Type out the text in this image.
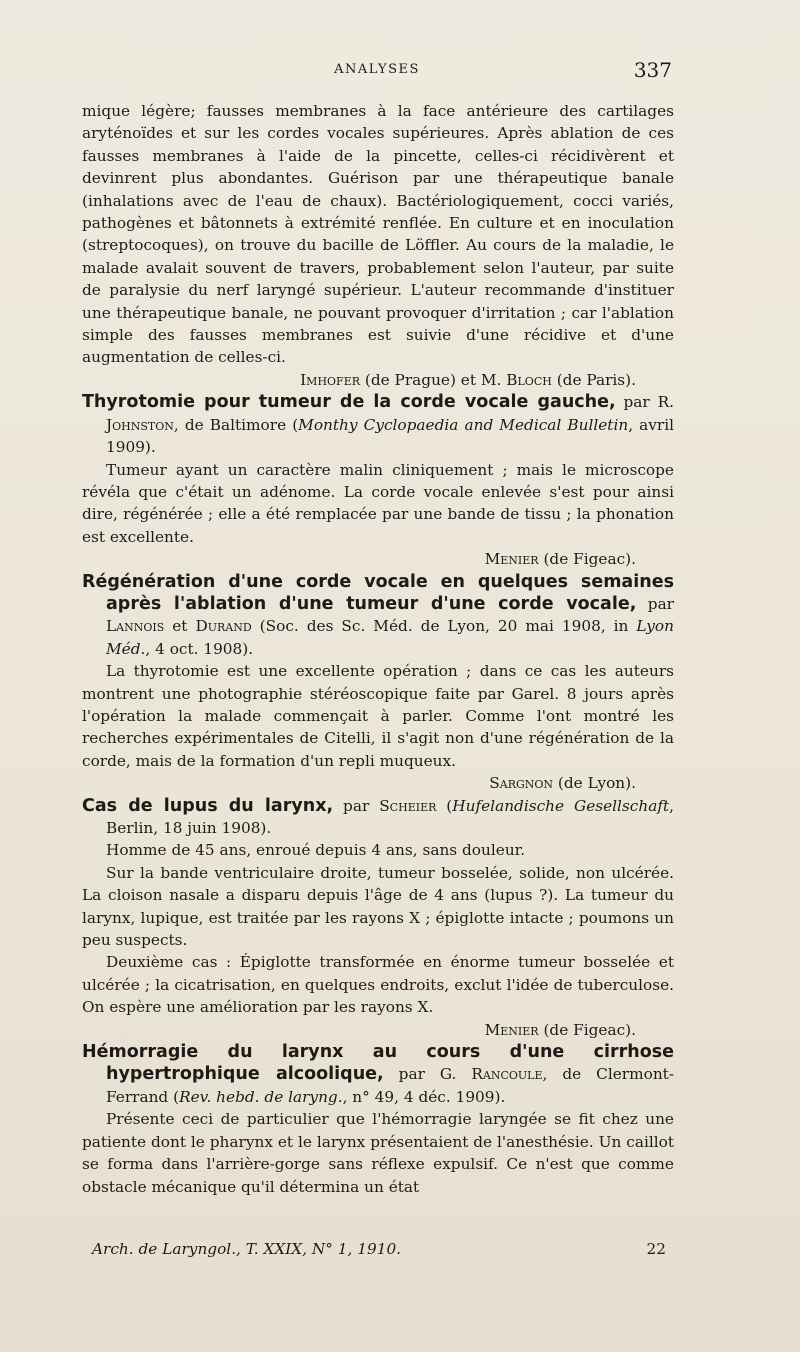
ANALYSES	337

mique légère; fausses membranes à la face antérieure des cartilages aryténoïdes et sur les cordes vocales supérieures. Après ablation de ces fausses membranes à l'aide de la pincette, celles-ci récidivèrent et devinrent plus abondantes. Guérison par une thérapeutique banale (inhalations avec de l'eau de chaux). Bactériologiquement, cocci variés, pathogènes et bâtonnets à extrémité renflée. En culture et en inoculation (streptocoques), on trouve du bacille de Löffler. Au cours de la maladie, le malade avalait souvent de travers, probablement selon l'auteur, par suite de paralysie du nerf laryngé supérieur. L'auteur recommande d'instituer une thérapeutique banale, ne pouvant provoquer d'irritation ; car l'ablation simple des fausses membranes est suivie d'une récidive et d'une augmentation de celles-ci.

Imhofer (de Prague) et M. Bloch (de Paris).

Thyrotomie pour tumeur de la corde vocale gauche, par R. Johnston, de Baltimore (Monthy Cyclopaedia and Medical Bulletin, avril 1909).

Tumeur ayant un caractère malin cliniquement ; mais le microscope révéla que c'était un adénome. La corde vocale enlevée s'est pour ainsi dire, régénérée ; elle a été remplacée par une bande de tissu ; la phonation est excellente.

Menier (de Figeac).

Régénération d'une corde vocale en quelques semaines après l'ablation d'une tumeur d'une corde vocale, par Lannois et Durand (Soc. des Sc. Méd. de Lyon, 20 mai 1908, in Lyon Méd., 4 oct. 1908).

La thyrotomie est une excellente opération ; dans ce cas les auteurs montrent une photographie stéréoscopique faite par Garel. 8 jours après l'opération la malade commençait à parler. Comme l'ont montré les recherches expérimentales de Citelli, il s'agit non d'une régénération de la corde, mais de la formation d'un repli muqueux.

Sargnon (de Lyon).

Cas de lupus du larynx, par Scheier (Hufelandische Gesellschaft, Berlin, 18 juin 1908).

Homme de 45 ans, enroué depuis 4 ans, sans douleur.

Sur la bande ventriculaire droite, tumeur bosselée, solide, non ulcérée. La cloison nasale a disparu depuis l'âge de 4 ans (lupus ?). La tumeur du larynx, lupique, est traitée par les rayons X ; épiglotte intacte ; poumons un peu suspects.

Deuxième cas : Épiglotte transformée en énorme tumeur bosselée et ulcérée ; la cicatrisation, en quelques endroits, exclut l'idée de tuberculose. On espère une amélioration par les rayons X.

Menier (de Figeac).

Hémorragie du larynx au cours d'une cirrhose hypertrophique alcoolique, par G. Rancoule, de Clermont-Ferrand (Rev. hebd. de laryng., n° 49, 4 déc. 1909).

Présente ceci de particulier que l'hémorragie laryngée se fit chez une patiente dont le pharynx et le larynx présentaient de l'anesthésie. Un caillot se forma dans l'arrière-gorge sans réflexe expulsif. Ce n'est que comme obstacle mécanique qu'il détermina un état

Arch. de Laryngol., T. XXIX, N° 1, 1910.	22
